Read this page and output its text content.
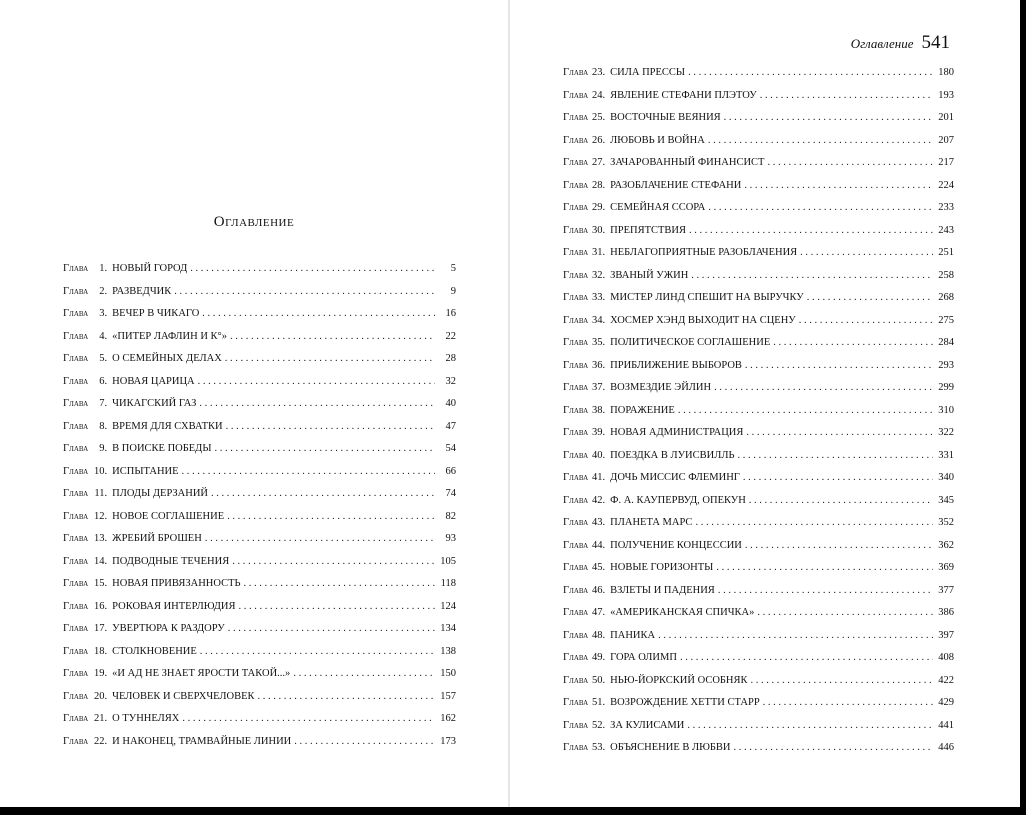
Оглавление
Глава	1. НОВЫЙ ГОРОД . . .	5
Глава	2. РАЗВЕДЧИК . . .	9
Глава	3. ВЕЧЕР В ЧИКАГО . . .	16
Глава	4. «ПИТЕР ЛАФЛИН И К°» . . .	22
Глава	5. О СЕМЕЙНЫХ ДЕЛАХ . . .	28
Глава	6. НОВАЯ ЦАРИЦА . . .	32
Глава	7. ЧИКАГСКИЙ ГАЗ . . .	40
Глава	8. ВРЕМЯ ДЛЯ СХВАТКИ . . .	47
Глава	9. В ПОИСКЕ ПОБЕДЫ . . .	54
Глава 10. ИСПЫТАНИЕ . . .	66
Глава 11. ПЛОДЫ ДЕРЗАНИЙ . . .	74
Глава 12. НОВОЕ СОГЛАШЕНИЕ . . .	82
Глава 13. ЖРЕБИЙ БРОШЕН . . .	93
Глава 14. ПОДВОДНЫЕ ТЕЧЕНИЯ . . .	105
Глава 15. НОВАЯ ПРИВЯЗАННОСТЬ . . .	118
Глава 16. РОКОВАЯ ИНТЕРЛЮДИЯ . . .	124
Глава 17. УВЕРТЮРА К РАЗДОРУ . . .	134
Глава 18. СТОЛКНОВЕНИЕ . . .	138
Глава 19. «И АД НЕ ЗНАЕТ ЯРОСТИ ТАКОЙ...» . . .	150
Глава 20. ЧЕЛОВЕК И СВЕРХЧЕЛОВЕК . . .	157
Глава 21. О ТУННЕЛЯХ . . .	162
Глава 22. И НАКОНЕЦ, ТРАМВАЙНЫЕ ЛИНИИ . . .	173
Оглавление 541
Глава 23. СИЛА ПРЕССЫ . . .	180
Глава 24. ЯВЛЕНИЕ СТЕФАНИ ПЛЭТОУ . . .	193
Глава 25. ВОСТОЧНЫЕ ВЕЯНИЯ . . .	201
Глава 26. ЛЮБОВЬ И ВОЙНА . . .	207
Глава 27. ЗАЧАРОВАННЫЙ ФИНАНСИСТ . . .	217
Глава 28. РАЗОБЛАЧЕНИЕ СТЕФАНИ . . .	224
Глава 29. СЕМЕЙНАЯ ССОРА . . .	233
Глава 30. ПРЕПЯТСТВИЯ . . .	243
Глава 31. НЕБЛАГОПРИЯТНЫЕ РАЗОБЛАЧЕНИЯ . . .	251
Глава 32. ЗВАНЫЙ УЖИН . . .	258
Глава 33. МИСТЕР ЛИНД СПЕШИТ НА ВЫРУЧКУ . . .	268
Глава 34. ХОСМЕР ХЭНД ВЫХОДИТ НА СЦЕНУ . . .	275
Глава 35. ПОЛИТИЧЕСКОЕ СОГЛАШЕНИЕ . . .	284
Глава 36. ПРИБЛИЖЕНИЕ ВЫБОРОВ . . .	293
Глава 37. ВОЗМЕЗДИЕ ЭЙЛИН . . .	299
Глава 38. ПОРАЖЕНИЕ . . .	310
Глава 39. НОВАЯ АДМИНИСТРАЦИЯ . . .	322
Глава 40. ПОЕЗДКА В ЛУИСВИЛЛЬ . . .	331
Глава 41. ДОЧЬ МИССИС ФЛЕМИНГ . . .	340
Глава 42. Ф. А. КАУПЕРВУД, ОПЕКУН . . .	345
Глава 43. ПЛАНЕТА МАРС . . .	352
Глава 44. ПОЛУЧЕНИЕ КОНЦЕССИИ . . .	362
Глава 45. НОВЫЕ ГОРИЗОНТЫ . . .	369
Глава 46. ВЗЛЕТЫ И ПАДЕНИЯ . . .	377
Глава 47. «АМЕРИКАНСКАЯ СПИЧКА» . . .	386
Глава 48. ПАНИКА . . .	397
Глава 49. ГОРА ОЛИМП . . .	408
Глава 50. НЬЮ-ЙОРКСКИЙ ОСОБНЯК . . .	422
Глава 51. ВОЗРОЖДЕНИЕ ХЕТТИ СТАРР . . .	429
Глава 52. ЗА КУЛИСАМИ . . .	441
Глава 53. ОБЪЯСНЕНИЕ В ЛЮБВИ . . .	446
